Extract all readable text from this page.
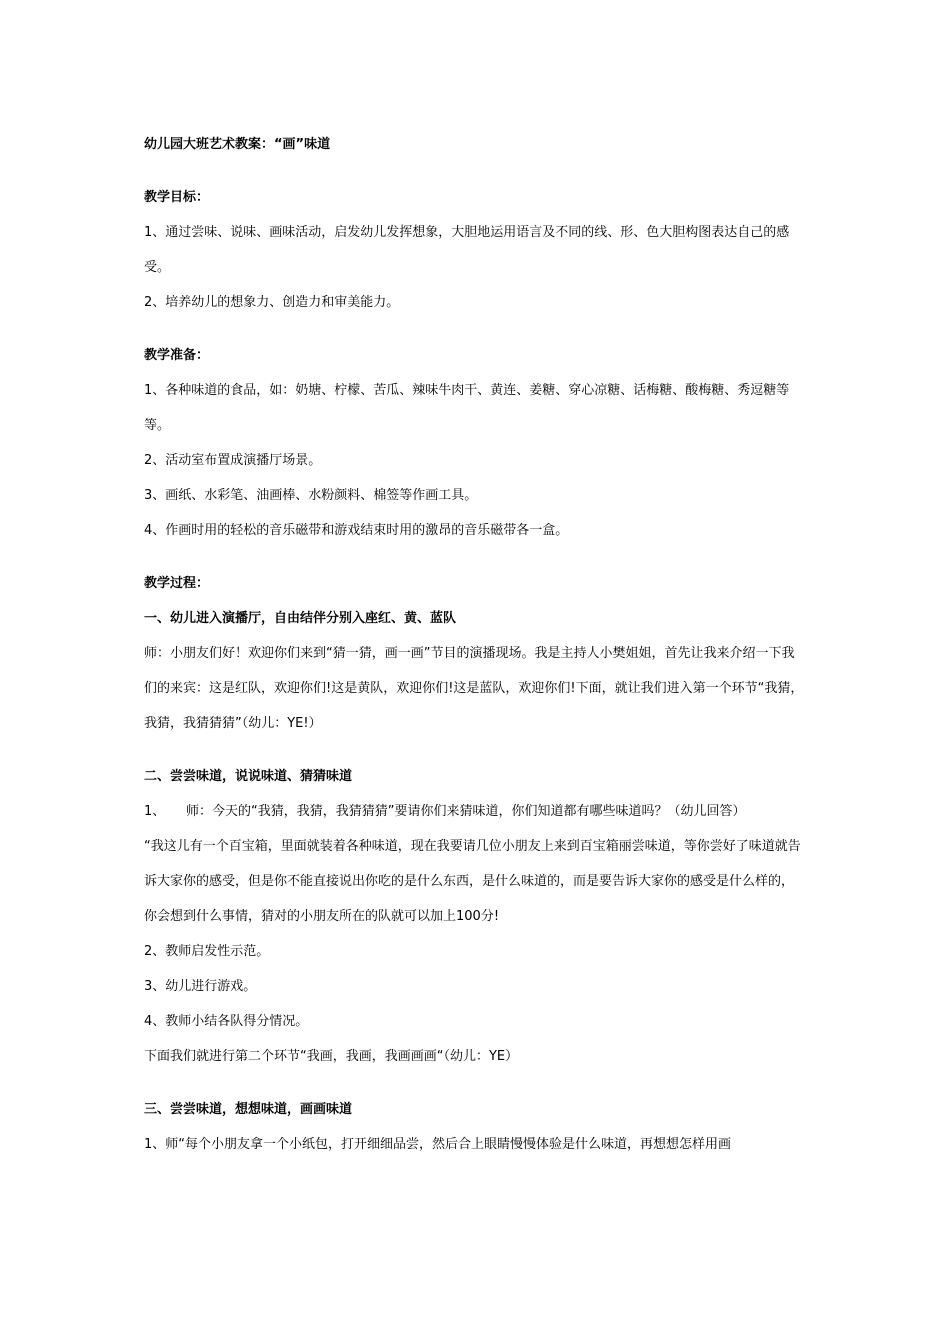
幼儿园大班艺术教案：“画”味道
教学目标：

1、通过尝味、说味、画味活动，启发幼儿发挥想象，大胆地运用语言及不同的线、形、色大胆构图表达自己的感受。

2、培养幼儿的想象力、创造力和审美能力。

教学准备：

1、各种味道的食品，如：奶塘、柠檬、苦瓜、辣味牛肉干、黄连、姜糖、穿心凉糖、话梅糖、酸梅糖、秀逗糖等等。

2、活动室布置成演播厅场景。

3、画纸、水彩笔、油画棒、水粉颜料、棉签等作画工具。

4、作画时用的轻松的音乐磁带和游戏结束时用的激昂的音乐磁带各一盒。

教学过程：
一、幼儿进入演播厅，自由结伴分别入座红、黄、蓝队

师：小朋友们好！欢迎你们来到“猜一猜，画一画”节目的演播现场。我是主持人小樊姐姐，首先让我来介绍一下我们的来宾：这是红队，欢迎你们!这是黄队，欢迎你们!这是蓝队，欢迎你们!下面，就让我们进入第一个环节“我猜，我猜，我猜猜猜”（幼儿：YE!）

二、尝尝味道，说说味道、猜猜味道

1、 师：今天的“我猜，我猜，我猜猜猜”要请你们来猜味道，你们知道都有哪些味道吗？（幼儿回答）

“我这儿有一个百宝箱，里面就装着各种味道，现在我要请几位小朋友上来到百宝箱丽尝味道，等你尝好了味道就告诉大家你的感受，但是你不能直接说出你吃的是什么东西，是什么味道的，而是要告诉大家你的感受是什么样的，你会想到什么事情，猜对的小朋友所在的队就可以加上100分!

2、教师启发性示范。

3、幼儿进行游戏。

4、教师小结各队得分情况。

下面我们就进行第二个环节“我画，我画，我画画画“（幼儿：YE）

三、尝尝味道，想想味道，画画味道

1、师“每个小朋友拿一个小纸包，打开细细品尝，然后合上眼睛慢慢体验是什么味道，再想想怎样用画
